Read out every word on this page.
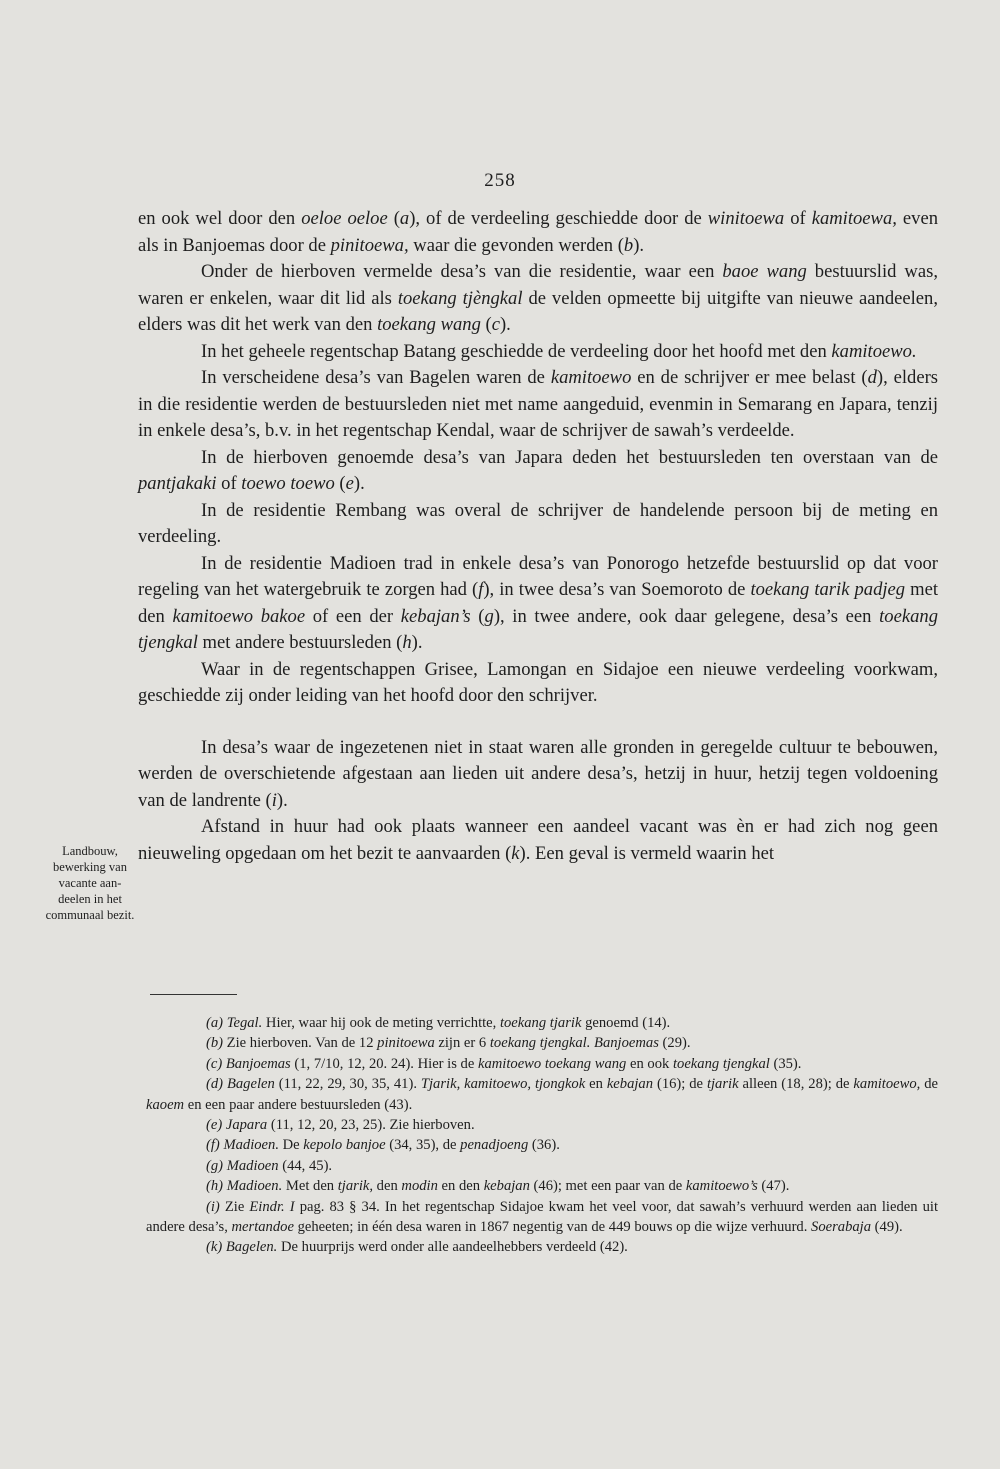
258

en ook wel door den oeloe oeloe (a), of de verdeeling geschiedde door de winitoewa of kamitoewa, even als in Banjoemas door de pinitoewa, waar die gevonden werden (b).

Onder de hierboven vermelde desa’s van die residentie, waar een baoe wang bestuurslid was, waren er enkelen, waar dit lid als toekang tjèngkal de velden opmeette bij uitgifte van nieuwe aandeelen, elders was dit het werk van den toekang wang (c).

In het geheele regentschap Batang geschiedde de verdeeling door het hoofd met den kamitoewo.

In verscheidene desa’s van Bagelen waren de kamitoewo en de schrijver er mee belast (d), elders in die residentie werden de bestuursleden niet met name aangeduid, evenmin in Semarang en Japara, tenzij in enkele desa’s, b.v. in het regentschap Kendal, waar de schrijver de sawah’s verdeelde.

In de hierboven genoemde desa’s van Japara deden het bestuursleden ten overstaan van de pantjakaki of toewo toewo (e).

In de residentie Rembang was overal de schrijver de handelende persoon bij de meting en verdeeling.

In de residentie Madioen trad in enkele desa’s van Ponorogo hetzefde bestuurslid op dat voor regeling van het watergebruik te zorgen had (f), in twee desa’s van Soemoroto de toekang tarik padjeg met den kamitoewo bakoe of een der kebajan’s (g), in twee andere, ook daar gelegene, desa’s een toekang tjengkal met andere bestuursleden (h).

Waar in de regentschappen Grisee, Lamongan en Sidajoe een nieuwe verdeeling voorkwam, geschiedde zij onder leiding van het hoofd door den schrijver.

In desa’s waar de ingezetenen niet in staat waren alle gronden in geregelde cultuur te bebouwen, werden de overschietende afgestaan aan lieden uit andere desa’s, hetzij in huur, hetzij tegen voldoening van de landrente (i).

Afstand in huur had ook plaats wanneer een aandeel vacant was èn er had zich nog geen nieuweling opgedaan om het bezit te aanvaarden (k). Een geval is vermeld waarin het

Landbouw, bewerking van vacante aan- deelen in het communaal bezit.

(a) Tegal. Hier, waar hij ook de meting verrichtte, toekang tjarik genoemd (14).

(b) Zie hierboven. Van de 12 pinitoewa zijn er 6 toekang tjengkal. Banjoemas (29).

(c) Banjoemas (1, 7/10, 12, 20. 24). Hier is de kamitoewo toekang wang en ook toekang tjengkal (35).

(d) Bagelen (11, 22, 29, 30, 35, 41). Tjarik, kamitoewo, tjongkok en kebajan (16); de tjarik alleen (18, 28); de kamitoewo, de kaoem en een paar andere bestuursleden (43).

(e) Japara (11, 12, 20, 23, 25). Zie hierboven.

(f) Madioen. De kepolo banjoe (34, 35), de penadjoeng (36).

(g) Madioen (44, 45).

(h) Madioen. Met den tjarik, den modin en den kebajan (46); met een paar van de kamitoewo’s (47).

(i) Zie Eindr. I pag. 83 § 34. In het regentschap Sidajoe kwam het veel voor, dat sawah’s verhuurd werden aan lieden uit andere desa’s, mertandoe geheeten; in één desa waren in 1867 negentig van de 449 bouws op die wijze verhuurd. Soerabaja (49).

(k) Bagelen. De huurprijs werd onder alle aandeelhebbers verdeeld (42).
